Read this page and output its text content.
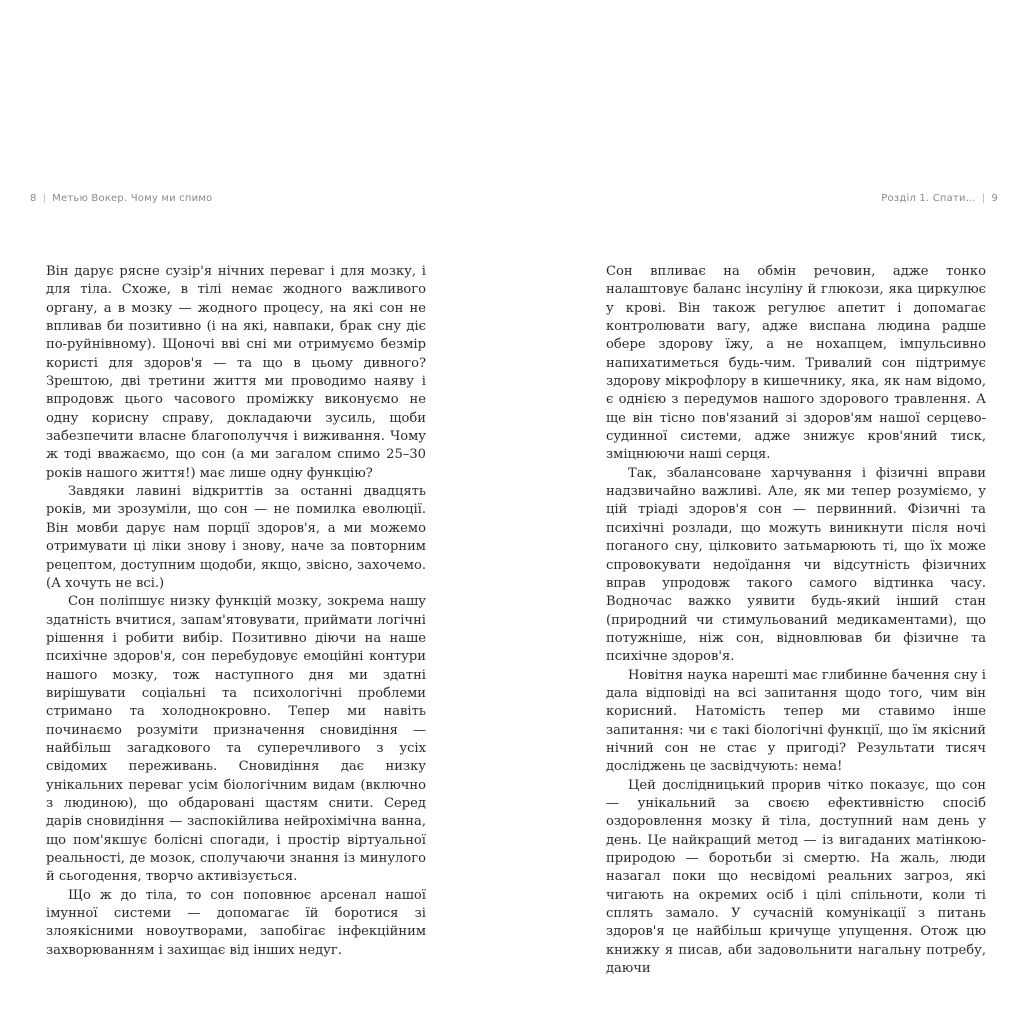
8 | Метью Вокер. Чому ми спимо	Розділ 1. Спати... | 9

Він дарує рясне сузір'я нічних переваг і для мозку, і для тіла. Схоже, в тілі немає жодного важливого органу, а в мозку — жодного процесу, на які сон не впливав би позитивно (і на які, навпаки, брак сну діє по-руйнівному). Щоночі вві сні ми отримуємо безмір користі для здоров'я — та що в цьому дивного? Зрештою, дві третини життя ми проводимо наяву і впродовж цього часового проміжку виконуємо не одну корисну справу, докладаючи зусиль, щоби забезпечити власне благополуччя і виживання. Чому ж тоді вважаємо, що сон (а ми загалом спимо 25–30 років нашого життя!) має лише одну функцію?

Завдяки лавині відкриттів за останні двадцять років, ми зрозуміли, що сон — не помилка еволюції. Він мовби дарує нам порції здоров'я, а ми можемо отримувати ці ліки знову і знову, наче за повторним рецептом, доступним щодоби, якщо, звісно, захочемо. (А хочуть не всі.)

Сон поліпшує низку функцій мозку, зокрема нашу здатність вчитися, запам'ятовувати, приймати логічні рішення і робити вибір. Позитивно діючи на наше психічне здоров'я, сон перебудовує емоційні контури нашого мозку, тож наступного дня ми здатні вирішувати соціальні та психологічні проблеми стримано та холоднокровно. Тепер ми навіть починаємо розуміти призначення сновидіння — найбільш загадкового та суперечливого з усіх свідомих переживань. Сновидіння дає низку унікальних переваг усім біологічним видам (включно з людиною), що обдаровані щастям снити. Серед дарів сновидіння — заспокійлива нейрохімічна ванна, що пом'якшує болісні спогади, і простір віртуальної реальності, де мозок, сполучаючи знання із минулого й сьогодення, творчо активізується.

Що ж до тіла, то сон поповнює арсенал нашої імунної системи — допомагає їй боротися зі злоякісними новоутворами, запобігає інфекційним захворюванням і захищає від інших недуг.

Сон впливає на обмін речовин, адже тонко налаштовує баланс інсуліну й глюкози, яка циркулює у крові. Він також регулює апетит і допомагає контролювати вагу, адже виспана людина радше обере здорову їжу, а не нохапцем, імпульсивно напихатиметься будь-чим. Тривалий сон підтримує здорову мікрофлору в кишечнику, яка, як нам відомо, є однією з передумов нашого здорового травлення. А ще він тісно пов'язаний зі здоров'ям нашої серцево-судинної системи, адже знижує кров'яний тиск, зміцнюючи наші серця.

Так, збалансоване харчування і фізичні вправи надзвичайно важливі. Але, як ми тепер розуміємо, у цій тріаді здоров'я сон — первинний. Фізичні та психічні розлади, що можуть виникнути після ночі поганого сну, цілковито затьмарюють ті, що їх може спровокувати недоїдання чи відсутність фізичних вправ упродовж такого самого відтинка часу. Водночас важко уявити будь-який інший стан (природний чи стимульований медикаментами), що потужніше, ніж сон, відновлював би фізичне та психічне здоров'я.

Новітня наука нарешті має глибинне бачення сну і дала відповіді на всі запитання щодо того, чим він корисний. Натомість тепер ми ставимо інше запитання: чи є такі біологічні функції, що їм якісний нічний сон не стає у пригоді? Результати тисяч досліджень це засвідчують: нема!

Цей дослідницький прорив чітко показує, що сон — унікальний за своєю ефективністю спосіб оздоровлення мозку й тіла, доступний нам день у день. Це найкращий метод — із вигаданих матінкою-природою — боротьби зі смертю. На жаль, люди назагал поки що несвідомі реальних загроз, які чигають на окремих осіб і цілі спільноти, коли ті сплять замало. У сучасній комунікації з питань здоров'я це найбільш кричуще упущення. Отож цю книжку я писав, аби задовольнити нагальну потребу, даючи
